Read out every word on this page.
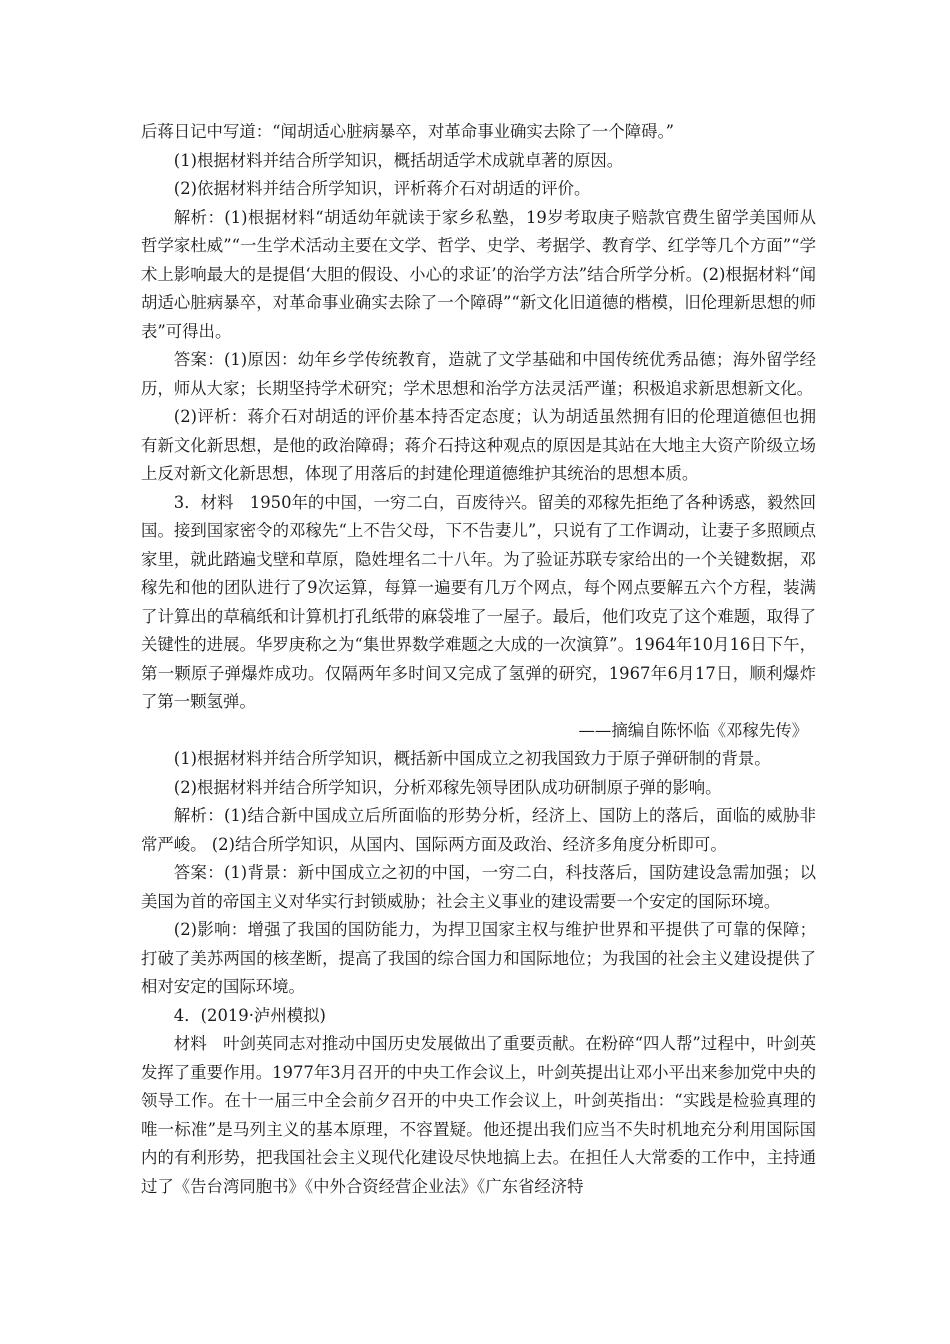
后蒋日记中写道：“闻胡适心脏病暴卒，对革命事业确实去除了一个障碍。”

(1)根据材料并结合所学知识，概括胡适学术成就卓著的原因。

(2)依据材料并结合所学知识，评析蒋介石对胡适的评价。

解析：(1)根据材料“胡适幼年就读于家乡私塾，19岁考取庚子赔款官费生留学美国师从哲学家杜威”“一生学术活动主要在文学、哲学、史学、考据学、教育学、红学等几个方面”“学术上影响最大的是提倡‘大胆的假设、小心的求证’的治学方法”结合所学分析。(2)根据材料“闻胡适心脏病暴卒，对革命事业确实去除了一个障碍”“新文化旧道德的楷模，旧伦理新思想的师表”可得出。

答案：(1)原因：幼年乡学传统教育，造就了文学基础和中国传统优秀品德；海外留学经历，师从大家；长期坚持学术研究；学术思想和治学方法灵活严谨；积极追求新思想新文化。

(2)评析：蒋介石对胡适的评价基本持否定态度；认为胡适虽然拥有旧的伦理道德但也拥有新文化新思想，是他的政治障碍；蒋介石持这种观点的原因是其站在大地主大资产阶级立场上反对新文化新思想，体现了用落后的封建伦理道德维护其统治的思想本质。

3．材料　1950年的中国，一穷二白，百废待兴。留美的邓稼先拒绝了各种诱惑，毅然回国。接到国家密令的邓稼先“上不告父母，下不告妻儿”，只说有了工作调动，让妻子多照顾点家里，就此踏遍戈壁和草原，隐姓埋名二十八年。为了验证苏联专家给出的一个关键数据，邓稼先和他的团队进行了9次运算，每算一遍要有几万个网点，每个网点要解五六个方程，装满了计算出的草稿纸和计算机打孔纸带的麻袋堆了一屋子。最后，他们攻克了这个难题，取得了关键性的进展。华罗庚称之为“集世界数学难题之大成的一次演算”。1964年10月16日下午，第一颗原子弹爆炸成功。仅隔两年多时间又完成了氢弹的研究，1967年6月17日，顺利爆炸了第一颗氢弹。

——摘编自陈怀临《邓稼先传》

(1)根据材料并结合所学知识，概括新中国成立之初我国致力于原子弹研制的背景。

(2)根据材料并结合所学知识，分析邓稼先领导团队成功研制原子弹的影响。

解析：(1)结合新中国成立后所面临的形势分析，经济上、国防上的落后，面临的威胁非常严峻。 (2)结合所学知识，从国内、国际两方面及政治、经济多角度分析即可。

答案：(1)背景：新中国成立之初的中国，一穷二白，科技落后，国防建设急需加强；以美国为首的帝国主义对华实行封锁威胁；社会主义事业的建设需要一个安定的国际环境。

(2)影响：增强了我国的国防能力，为捍卫国家主权与维护世界和平提供了可靠的保障；打破了美苏两国的核垄断，提高了我国的综合国力和国际地位；为我国的社会主义建设提供了相对安定的国际环境。

4．(2019·泸州模拟)

材料　叶剑英同志对推动中国历史发展做出了重要贡献。在粉碎“四人帮”过程中，叶剑英发挥了重要作用。1977年3月召开的中央工作会议上，叶剑英提出让邓小平出来参加党中央的领导工作。在十一届三中全会前夕召开的中央工作会议上，叶剑英指出：“实践是检验真理的唯一标准”是马列主义的基本原理，不容置疑。他还提出我们应当不失时机地充分利用国际国内的有利形势，把我国社会主义现代化建设尽快地搞上去。在担任人大常委的工作中，主持通过了《告台湾同胞书》《中外合资经营企业法》《广东省经济特
